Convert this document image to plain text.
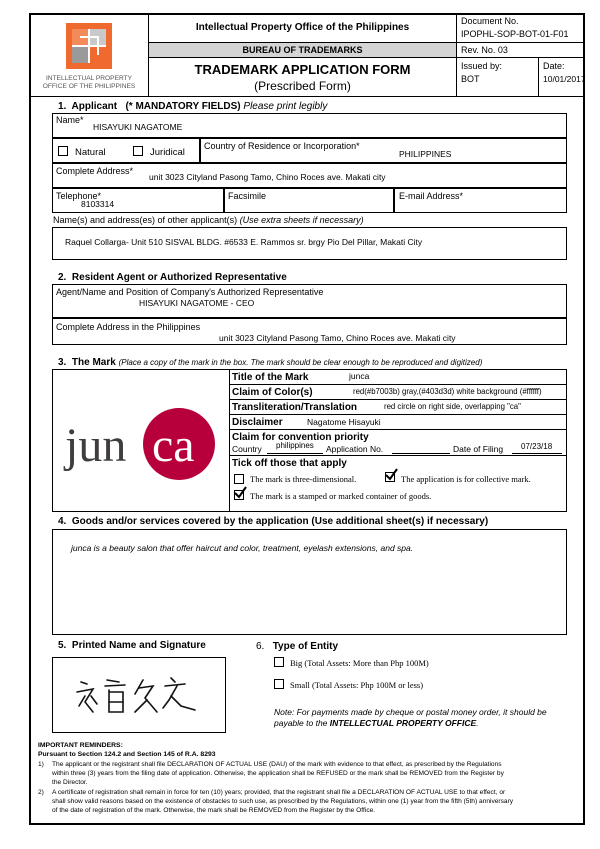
INTELLECTUAL PROPERTY
OFFICE OF THE PHILIPPINES
Intellectual Property Office of the Philippines
BUREAU OF TRADEMARKS
TRADEMARK APPLICATION FORM
(Prescribed Form)
Document No.
IPOPHL-SOP-BOT-01-F01
Rev. No. 03
Issued by:
BOT
Date:
10/01/2017
1. Applicant (* MANDATORY FIELDS) Please print legibly
Name*
HISAYUKI NAGATOME
Natural	Juridical
Country of Residence or Incorporation*
PHILIPPINES
Complete Address*
unit 3023 Cityland Pasong Tamo, Chino Roces ave. Makati city
Telephone*
8103314
Facsimile	E-mail Address*
Name(s) and address(es) of other applicant(s) (Use extra sheets if necessary)
Raquel Collarga- Unit 510 SISVAL BLDG. #6533 E. Rammos sr. brgy Pio Del Pillar, Makati City
2. Resident Agent or Authorized Representative
Agent/Name and Position of Company's Authorized Representative
HISAYUKI NAGATOME - CEO
Complete Address in the Philippines
unit 3023 Cityland Pasong Tamo, Chino Roces ave. Makati city
3. The Mark (Place a copy of the mark in the box. The mark should be clear enough to be reproduced and digitized)
jun ca
Title of the Mark	junca
Claim of Color(s)	red(#b7003b) gray,(#403d3d) white background (#ffffff)
Transliteration/Translation	red circle on right side, overlapping "ca"
Disclaimer	Nagatome Hisayuki
Claim for convention priority
Country philippines Application No.	Date of Filing 07/23/18
Tick off those that apply
The mark is three-dimensional.	The application is for collective mark.
The mark is a stamped or marked container of goods.
4. Goods and/or services covered by the application (Use additional sheet(s) if necessary)
junca is a beauty salon that offer haircut and color, treatment, eyelash extensions, and spa.
5. Printed Name and Signature	6. Type of Entity
Big (Total Assets: More than Php 100M)
Small (Total Assets: Php 100M or less)
Note: For payments made by cheque or postal money order, it should be
payable to the INTELLECTUAL PROPERTY OFFICE.
IMPORTANT REMINDERS:
Pursuant to Section 124.2 and Section 145 of R.A. 8293
1) The applicant or the registrant shall file DECLARATION OF ACTUAL USE (DAU) of the mark with evidence to that effect, as prescribed by the Regulations
within three (3) years from the filing date of application. Otherwise, the application shall be REFUSED or the mark shall be REMOVED from the Register by
the Director.
2) A certificate of registration shall remain in force for ten (10) years; provided, that the registrant shall file a DECLARATION OF ACTUAL USE to that effect, or
shall show valid reasons based on the existence of obstacles to such use, as prescribed by the Regulations, within one (1) year from the fifth (5th) anniversary
of the date of registration of the mark. Otherwise, the mark shall be REMOVED from the Register by the Office.
